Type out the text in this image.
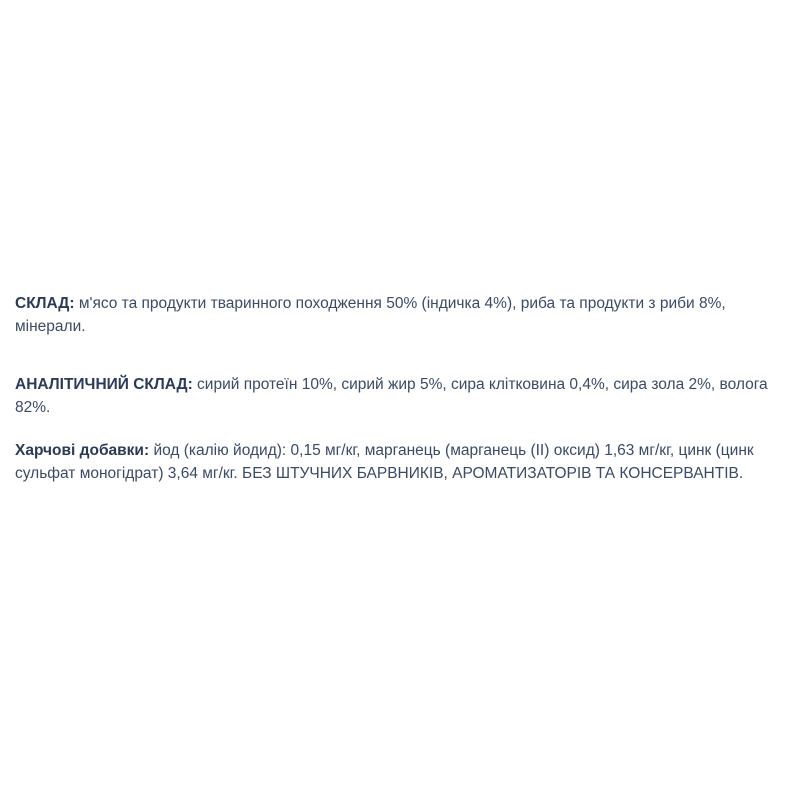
СКЛАД: м'ясо та продукти тваринного походження 50% (індичка 4%), риба та продукти з риби 8%, мінерали.

АНАЛІТИЧНИЙ СКЛАД: сирий протеїн 10%, сирий жир 5%, сира клітковина 0,4%, сира зола 2%, волога 82%.

Харчові добавки: йод (калію йодид): 0,15 мг/кг, марганець (марганець (II) оксид) 1,63 мг/кг, цинк (цинк сульфат моногідрат) 3,64 мг/кг. БЕЗ ШТУЧНИХ БАРВНИКІВ, АРОМАТИЗАТОРІВ ТА КОНСЕРВАНТІВ.
